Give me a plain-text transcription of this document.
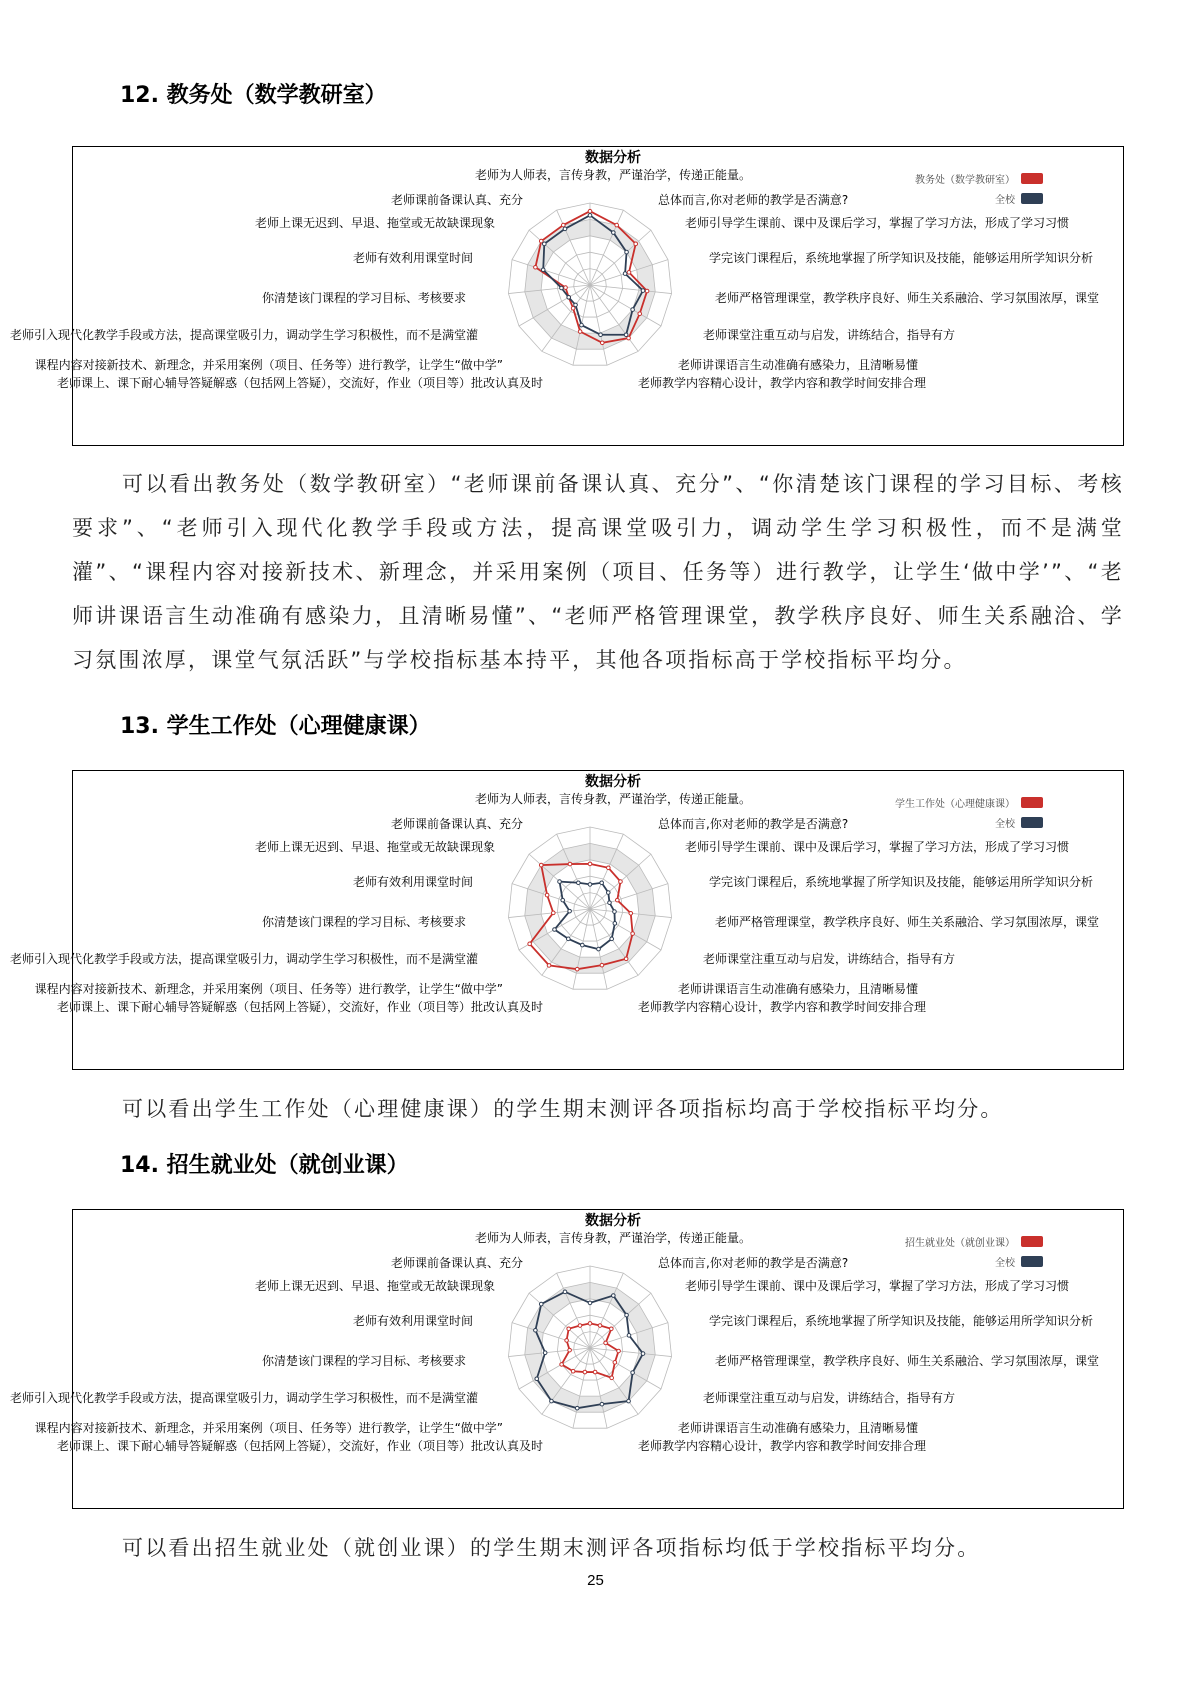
12. 教务处（数学教研室）
数据分析
老师为人师表，言传身教，严谨治学，传递正能量。
总体而言,你对老师的教学是否满意?
老师引导学生课前、课中及课后学习，掌握了学习方法，形成了学习习惯
学完该门课程后，系统地掌握了所学知识及技能，能够运用所学知识分析
老师严格管理课堂，教学秩序良好、师生关系融洽、学习氛围浓厚，课堂
老师课堂注重互动与启发，讲练结合，指导有方
老师讲课语言生动准确有感染力，且清晰易懂
老师教学内容精心设计，教学内容和教学时间安排合理
老师课上、课下耐心辅导答疑解惑（包括网上答疑），交流好，作业（项目等）批改认真及时
课程内容对接新技术、新理念，并采用案例（项目、任务等）进行教学，让学生“做中学”
老师引入现代化教学手段或方法，提高课堂吸引力，调动学生学习积极性，而不是满堂灌
你清楚该门课程的学习目标、考核要求
老师有效利用课堂时间
老师上课无迟到、早退、拖堂或无故缺课现象
老师课前备课认真、充分
教务处（数学教研室）
全校

可以看出教务处（数学教研室）“老师课前备课认真、充分”、“你清楚该门课程的学习目标、考核要求”、“老师引入现代化教学手段或方法，提高课堂吸引力，调动学生学习积极性，而不是满堂灌”、“课程内容对接新技术、新理念，并采用案例（项目、任务等）进行教学，让学生‘做中学’”、“老师讲课语言生动准确有感染力，且清晰易懂”、“老师严格管理课堂，教学秩序良好、师生关系融洽、学习氛围浓厚，课堂气氛活跃”与学校指标基本持平，其他各项指标高于学校指标平均分。

13. 学生工作处（心理健康课）
数据分析
老师为人师表，言传身教，严谨治学，传递正能量。
总体而言,你对老师的教学是否满意?
老师引导学生课前、课中及课后学习，掌握了学习方法，形成了学习习惯
学完该门课程后，系统地掌握了所学知识及技能，能够运用所学知识分析
老师严格管理课堂，教学秩序良好、师生关系融洽、学习氛围浓厚，课堂
老师课堂注重互动与启发，讲练结合，指导有方
老师讲课语言生动准确有感染力，且清晰易懂
老师教学内容精心设计，教学内容和教学时间安排合理
老师课上、课下耐心辅导答疑解惑（包括网上答疑），交流好，作业（项目等）批改认真及时
课程内容对接新技术、新理念，并采用案例（项目、任务等）进行教学，让学生“做中学”
老师引入现代化教学手段或方法，提高课堂吸引力，调动学生学习积极性，而不是满堂灌
你清楚该门课程的学习目标、考核要求
老师有效利用课堂时间
老师上课无迟到、早退、拖堂或无故缺课现象
老师课前备课认真、充分
学生工作处（心理健康课）
全校

可以看出学生工作处（心理健康课）的学生期末测评各项指标均高于学校指标平均分。

14. 招生就业处（就创业课）
数据分析
老师为人师表，言传身教，严谨治学，传递正能量。
总体而言,你对老师的教学是否满意?
老师引导学生课前、课中及课后学习，掌握了学习方法，形成了学习习惯
学完该门课程后，系统地掌握了所学知识及技能，能够运用所学知识分析
老师严格管理课堂，教学秩序良好、师生关系融洽、学习氛围浓厚，课堂
老师课堂注重互动与启发，讲练结合，指导有方
老师讲课语言生动准确有感染力，且清晰易懂
老师教学内容精心设计，教学内容和教学时间安排合理
老师课上、课下耐心辅导答疑解惑（包括网上答疑），交流好，作业（项目等）批改认真及时
课程内容对接新技术、新理念，并采用案例（项目、任务等）进行教学，让学生“做中学”
老师引入现代化教学手段或方法，提高课堂吸引力，调动学生学习积极性，而不是满堂灌
你清楚该门课程的学习目标、考核要求
老师有效利用课堂时间
老师上课无迟到、早退、拖堂或无故缺课现象
老师课前备课认真、充分
招生就业处（就创业课）
全校

可以看出招生就业处（就创业课）的学生期末测评各项指标均低于学校指标平均分。

25
